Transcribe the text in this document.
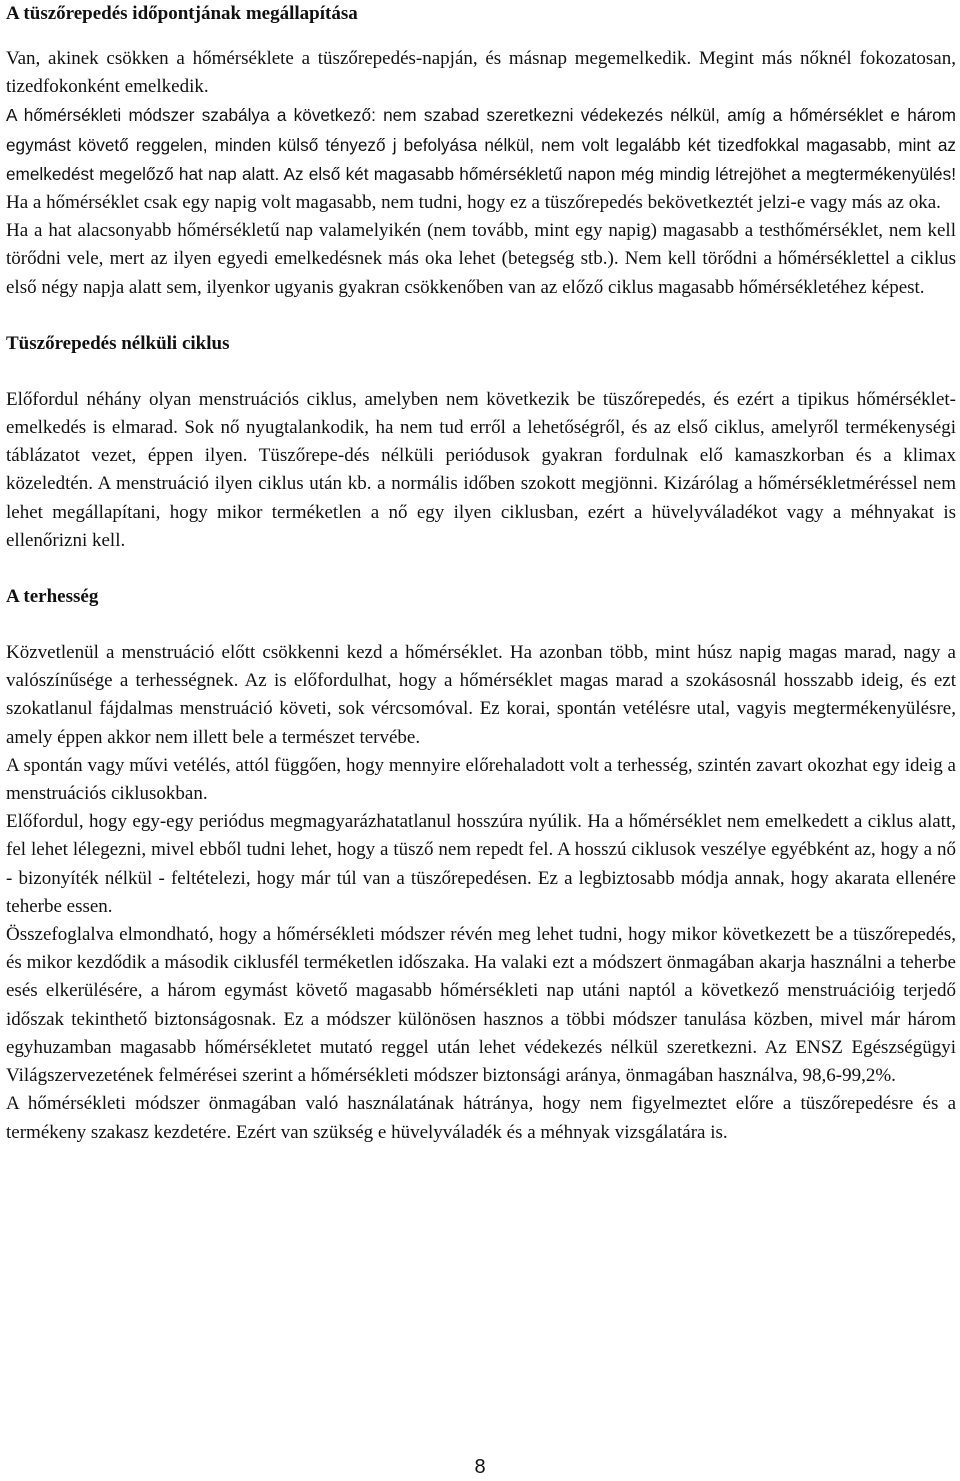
A tüszőrepedés időpontjának megállapítása

Van, akinek csökken a hőmérséklete a tüszőrepedés-napján, és másnap megemelkedik. Megint más nőknél fokozatosan, tizedfokonként emelkedik.

A hőmérsékleti módszer szabálya a következő: nem szabad szeretkezni védekezés nélkül, amíg a hőmérséklet e három egymást követő reggelen, minden külső tényező j befolyása nélkül, nem volt legalább két tizedfokkal magasabb, mint az emelkedést megelőző hat nap alatt. Az első két magasabb hőmérsékletű napon még mindig létrejöhet a megtermékenyülés! Ha a hőmérséklet csak egy napig volt magasabb, nem tudni, hogy ez a tüszőrepedés bekövetkeztét jelzi-e vagy más az oka.

Ha a hat alacsonyabb hőmérsékletű nap valamelyikén (nem tovább, mint egy napig) magasabb a testhőmérséklet, nem kell törődni vele, mert az ilyen egyedi emelkedésnek más oka lehet (betegség stb.). Nem kell törődni a hőmérséklettel a ciklus első négy napja alatt sem, ilyenkor ugyanis gyakran csökkenőben van az előző ciklus magasabb hőmérsékletéhez képest.

Tüszőrepedés nélküli ciklus

Előfordul néhány olyan menstruációs ciklus, amelyben nem következik be tüszőrepedés, és ezért a tipikus hőmérséklet-emelkedés is elmarad. Sok nő nyugtalankodik, ha nem tud erről a lehetőségről, és az első ciklus, amelyről termékenységi táblázatot vezet, éppen ilyen. Tüszőrepe-dés nélküli periódusok gyakran fordulnak elő kamaszkorban és a klimax közeledtén. A menstruáció ilyen ciklus után kb. a normális időben szokott megjönni. Kizárólag a hőmérsékletméréssel nem lehet megállapítani, hogy mikor terméketlen a nő egy ilyen ciklusban, ezért a hüvelyváladékot vagy a méhnyakat is ellenőrizni kell.

A terhesség

Közvetlenül a menstruáció előtt csökkenni kezd a hőmérséklet. Ha azonban több, mint húsz napig magas marad, nagy a valószínűsége a terhességnek. Az is előfordulhat, hogy a hőmérséklet magas marad a szokásosnál hosszabb ideig, és ezt szokatlanul fájdalmas menstruáció követi, sok vércsomóval. Ez korai, spontán vetélésre utal, vagyis megtermékenyülésre, amely éppen akkor nem illett bele a természet tervébe.

A spontán vagy művi vetélés, attól függően, hogy mennyire előrehaladott volt a terhesség, szintén zavart okozhat egy ideig a menstruációs ciklusokban.

Előfordul, hogy egy-egy periódus megmagyarázhatatlanul hosszúra nyúlik. Ha a hőmérséklet nem emelkedett a ciklus alatt, fel lehet lélegezni, mivel ebből tudni lehet, hogy a tüsző nem repedt fel. A hosszú ciklusok veszélye egyébként az, hogy a nő - bizonyíték nélkül - feltételezi, hogy már túl van a tüszőrepedésen. Ez a legbiztosabb módja annak, hogy akarata ellenére teherbe essen.

Összefoglalva elmondható, hogy a hőmérsékleti módszer révén meg lehet tudni, hogy mikor következett be a tüszőrepedés, és mikor kezdődik a második ciklusfél terméketlen időszaka. Ha valaki ezt a módszert önmagában akarja használni a teherbe esés elkerülésére, a három egymást követő magasabb hőmérsékleti nap utáni naptól a következő menstruációig terjedő időszak tekinthető biztonságosnak. Ez a módszer különösen hasznos a többi módszer tanulása közben, mivel már három egyhuzamban magasabb hőmérsékletet mutató reggel után lehet védekezés nélkül szeretkezni. Az ENSZ Egészségügyi Világszervezetének felmérései szerint a hőmérsékleti módszer biztonsági aránya, önmagában használva, 98,6-99,2%.

A hőmérsékleti módszer önmagában való használatának hátránya, hogy nem figyelmeztet előre a tüszőrepedésre és a termékeny szakasz kezdetére. Ezért van szükség e hüvelyváladék és a méhnyak vizsgálatára is.

8
